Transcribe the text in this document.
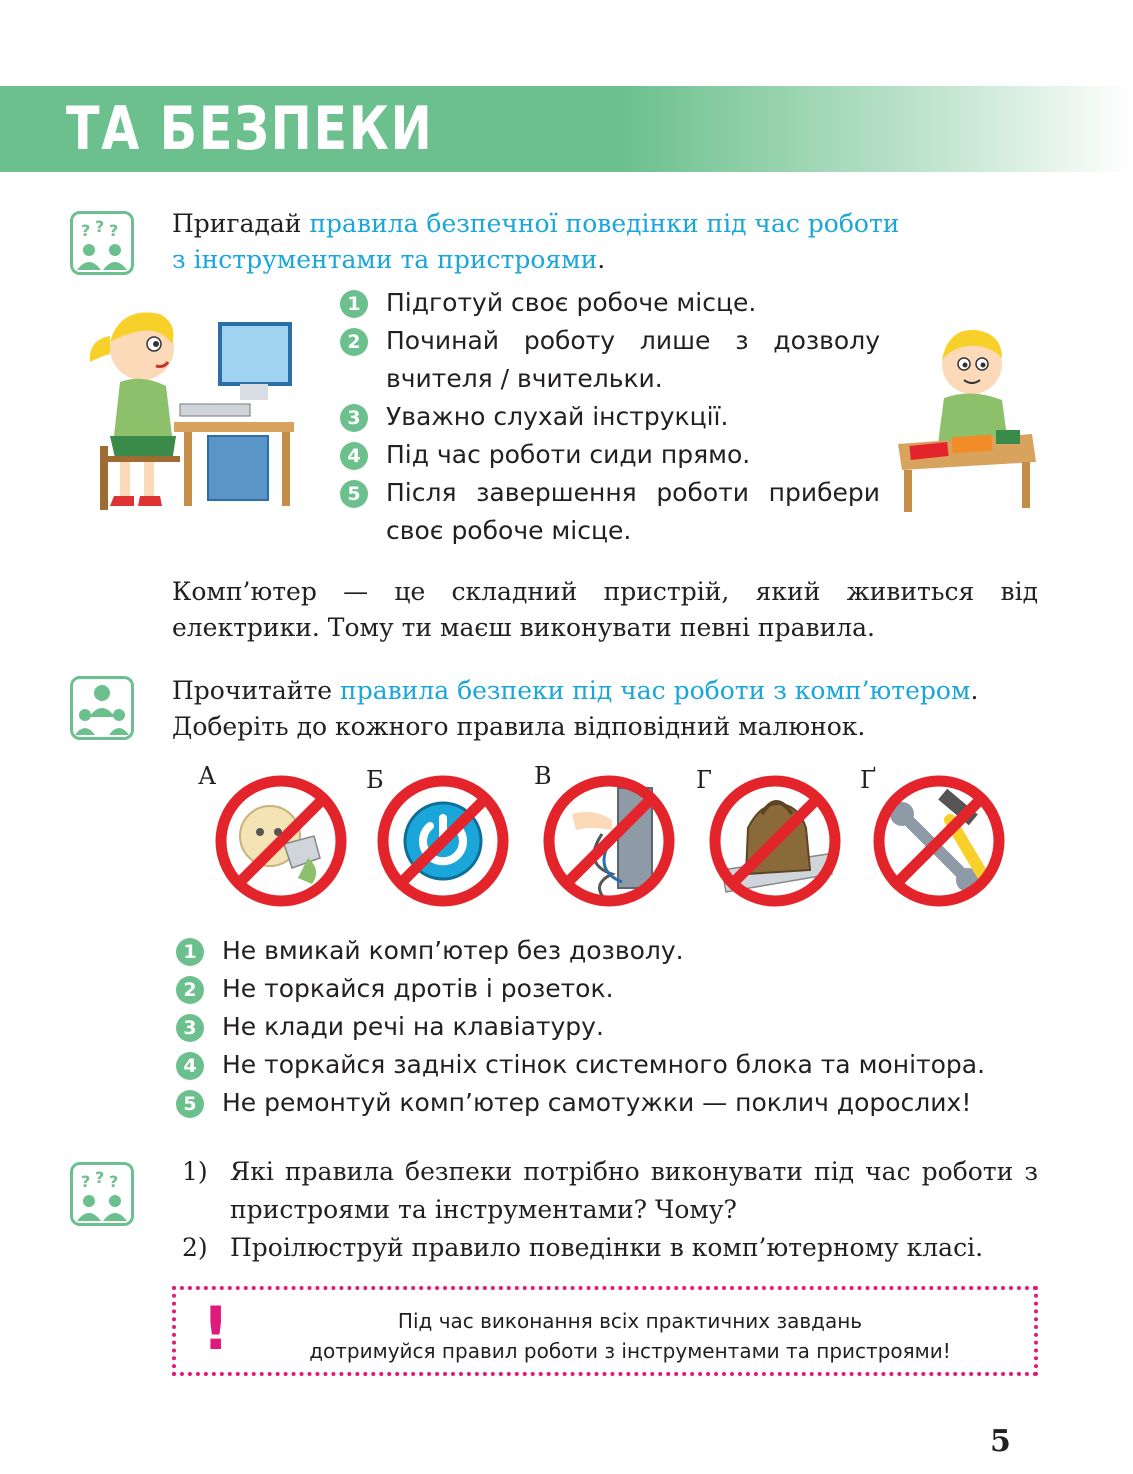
ТА БЕЗПЕКИ
? ? ? Пригадай правила безпечної поведінки під час роботи
з інструментами та пристроями.
1 Підготуй своє робоче місце.
2 Починай роботу лише з дозволу вчителя / вчительки.
3 Уважно слухай інструкції.
4 Під час роботи сиди прямо.
5 Після завершення роботи прибери своє робоче місце.
Комп’ютер — це складний пристрій, який живиться від електрики. Тому ти маєш виконувати певні правила.
Прочитайте правила безпеки під час роботи з комп’ютером.
Доберіть до кожного правила відповідний малюнок.
А	Б	В	Г	Ґ
1 Не вмикай комп’ютер без дозволу.
2 Не торкайся дротів і розеток.
3 Не клади речі на клавіатуру.
4 Не торкайся задніх стінок системного блока та монітора.
5 Не ремонтуй комп’ютер самотужки — поклич дорослих!
? ? ?	1) Які правила безпеки потрібно виконувати під час роботи з пристроями та інструментами? Чому?
2) Проілюструй правило поведінки в комп’ютерному класі.
!	Під час виконання всіх практичних завдань
дотримуйся правил роботи з інструментами та пристроями!
5
